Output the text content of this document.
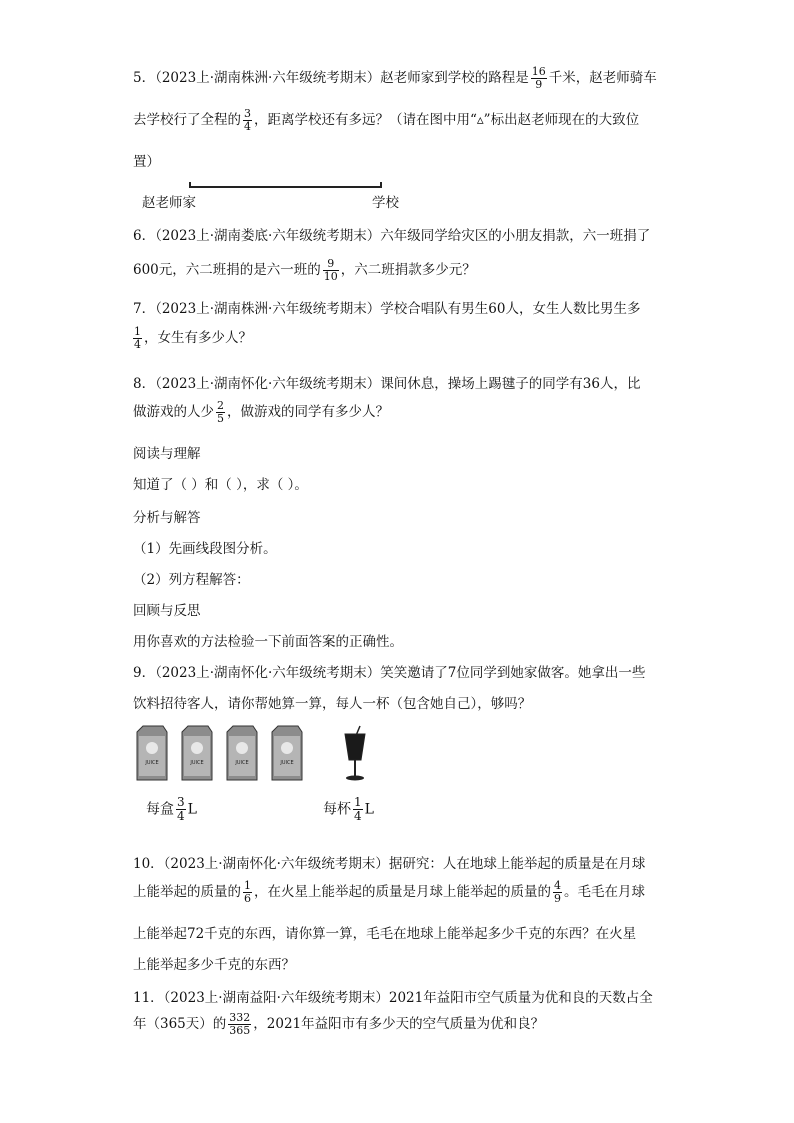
5．（2023上·湖南株洲·六年级统考期末）赵老师家到学校的路程是 $\frac{16}{9}$ 千米，赵老师骑车
去学校行了全程的 $\frac{3}{4}$ ，距离学校还有多远？（请在图中用“▵”标出赵老师现在的大致位
置）
赵老师家	学校
6．（2023上·湖南娄底·六年级统考期末）六年级同学给灾区的小朋友捐款，六一班捐了
600元，六二班捐的是六一班的 $\frac{9}{10}$ ，六二班捐款多少元？
7．（2023上·湖南株洲·六年级统考期末）学校合唱队有男生60人，女生人数比男生多
$\frac{1}{4}$ ，女生有多少人？
8．（2023上·湖南怀化·六年级统考期末）课间休息，操场上踢毽子的同学有36人，比
做游戏的人少 $\frac{2}{5}$ ，做游戏的同学有多少人？
阅读与理解
知道了（ ）和（ ），求（ ）。
分析与解答
（1）先画线段图分析。
（2）列方程解答：
回顾与反思
用你喜欢的方法检验一下前面答案的正确性。
9．（2023上·湖南怀化·六年级统考期末）笑笑邀请了7位同学到她家做客。她拿出一些
饮料招待客人，请你帮她算一算，每人一杯（包含她自己），够吗？
JUICE	JUICE	JUICE	JUICE
每盒 $\frac{3}{4}$ L	每杯 $\frac{1}{4}$ L
10．（2023上·湖南怀化·六年级统考期末）据研究：人在地球上能举起的质量是在月球
上能举起的质量的 $\frac{1}{6}$ ，在火星上能举起的质量是月球上能举起的质量的 $\frac{4}{9}$ 。毛毛在月球
上能举起72千克的东西，请你算一算，毛毛在地球上能举起多少千克的东西？在火星
上能举起多少千克的东西？
11．（2023上·湖南益阳·六年级统考期末）2021年益阳市空气质量为优和良的天数占全
年（365天）的 $\frac{332}{365}$ ，2021年益阳市有多少天的空气质量为优和良？
